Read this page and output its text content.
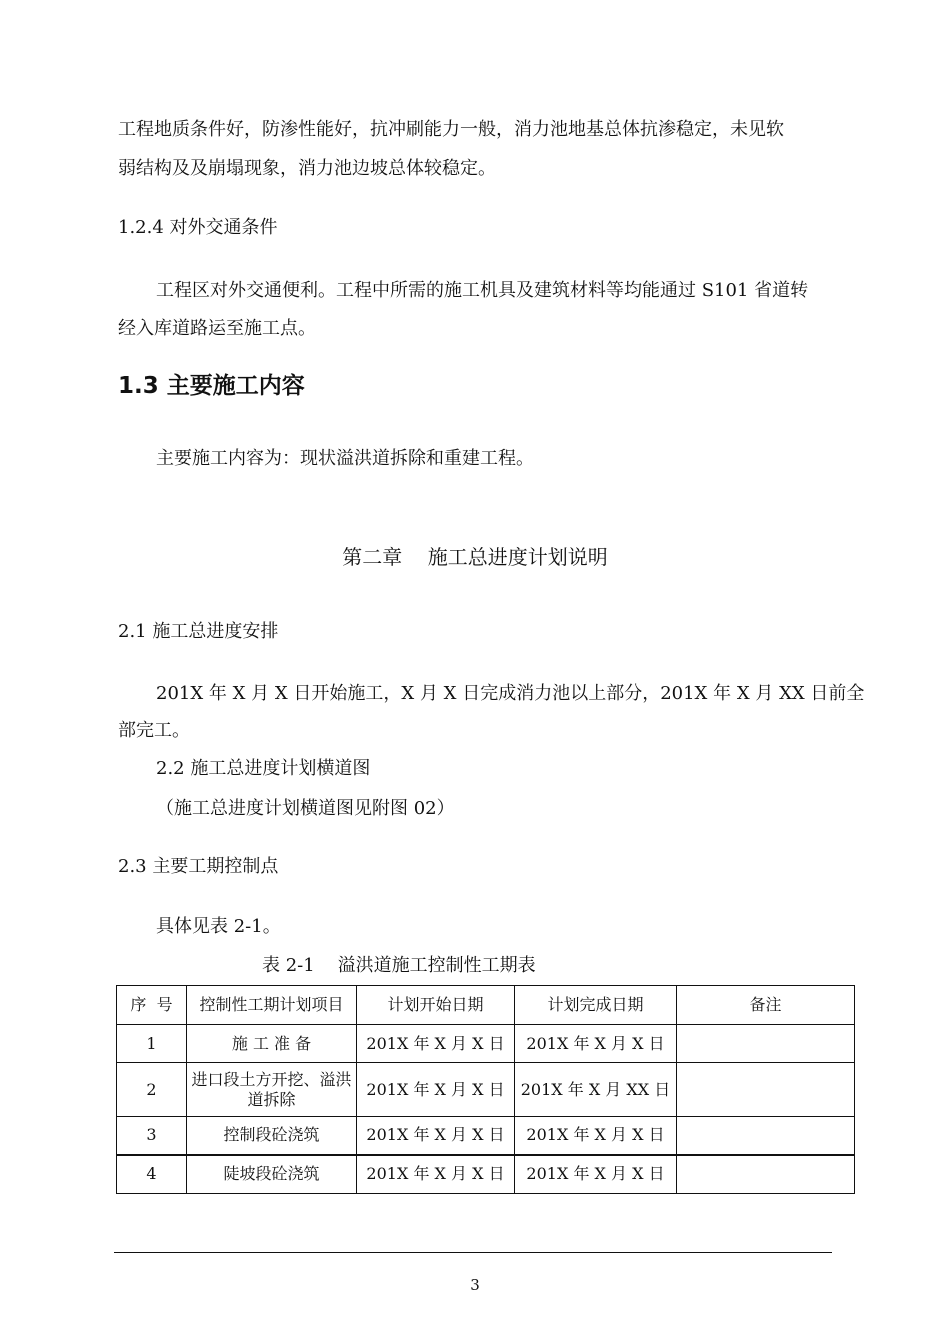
工程地质条件好，防渗性能好，抗冲刷能力一般，消力池地基总体抗渗稳定，未见软
弱结构及及崩塌现象，消力池边坡总体较稳定。
1.2.4 对外交通条件
工程区对外交通便利。工程中所需的施工机具及建筑材料等均能通过 S101 省道转
经入库道路运至施工点。
1.3 主要施工内容
主要施工内容为：现状溢洪道拆除和重建工程。
第二章    施工总进度计划说明
2.1 施工总进度安排
201X 年 X 月 X 日开始施工，X 月 X 日完成消力池以上部分，201X 年 X 月 XX 日前全
部完工。
2.2 施工总进度计划横道图
（施工总进度计划横道图见附图 02）
2.3 主要工期控制点
具体见表 2-1。
表 2-1    溢洪道施工控制性工期表
序  号	控制性工期计划项目	计划开始日期	计划完成日期	备注
1	施 工 准 备	201X 年 X 月 X 日	201X 年 X 月 X 日	
2	进口段土方开挖、溢洪道拆除	201X 年 X 月 X 日	201X 年 X 月 XX 日	
3	控制段砼浇筑	201X 年 X 月 X 日	201X 年 X 月 X 日	
4	陡坡段砼浇筑	201X 年 X 月 X 日	201X 年 X 月 X 日	
3
